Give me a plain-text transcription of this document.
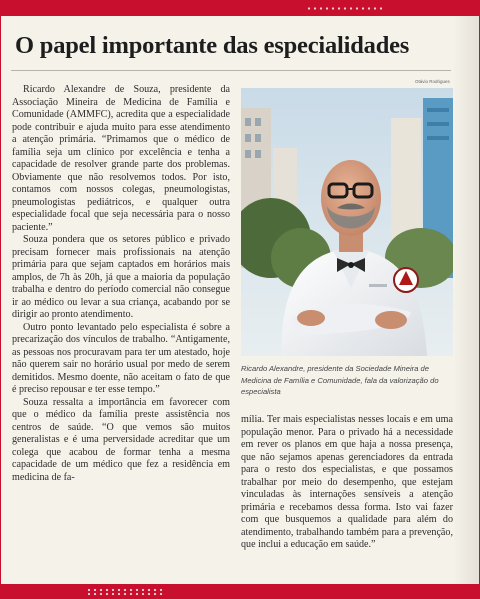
O papel importante das especialidades
Otávio Rodrigues

Ricardo Alexandre de Souza, presidente da Associação Mineira de Medicina de Família e Comunidade (AMMFC), acredita que a especialidade pode contribuir e ajuda muito para esse atendimento a atenção primária. “Primamos que o médico de família seja um clínico por excelência e tenha a capacidade de resolver grande parte dos problemas. Obviamente que não resolvemos todos. Por isto, contamos com nossos colegas, pneumologistas, pneumologistas pediátricos, e qualquer outra especialidade focal que seja necessária para o nosso paciente.”

Souza pondera que os setores público e privado precisam fornecer mais profissionais na atenção primária para que sejam captados em horários mais amplos, de 7h às 20h, já que a maioria da população trabalha e dentro do período comercial não consegue ir ao médico ou levar a sua criança, acabando por se dirigir ao pronto atendimento.

Outro ponto levantado pelo especialista é sobre a precarização dos vínculos de trabalho. “Antigamente, as pessoas nos procuravam para ter um atestado, hoje não querem sair no horário usual por medo de serem demitidos. Mesmo doente, não aceitam o fato de que é preciso repousar e ter esse tempo.”

Souza ressalta a importância em favorecer com que o médico da família preste assistência nos centros de saúde. “O que vemos são muitos generalistas e é uma perversidade acreditar que um colega que acabou de formar tenha a mesma capacidade de um médico que fez a residência em medicina de fa-

Ricardo Alexandre, presidente da Sociedade Mineira de Medicina de Família e Comunidade, fala da valorização do especialista

mília. Ter mais especialistas nesses locais e em uma população menor. Para o privado há a necessidade em rever os planos em que haja a nossa presença, que não sejamos apenas gerenciadores da entrada para o resto dos especialistas, e que possamos trabalhar por meio do desempenho, que estejam vinculadas às internações sensíveis a atenção primária e recebamos dessa forma. Isto vai fazer com que busquemos a qualidade para além do atendimento, trabalhando também para a prevenção, que inclui a educação em saúde.”
